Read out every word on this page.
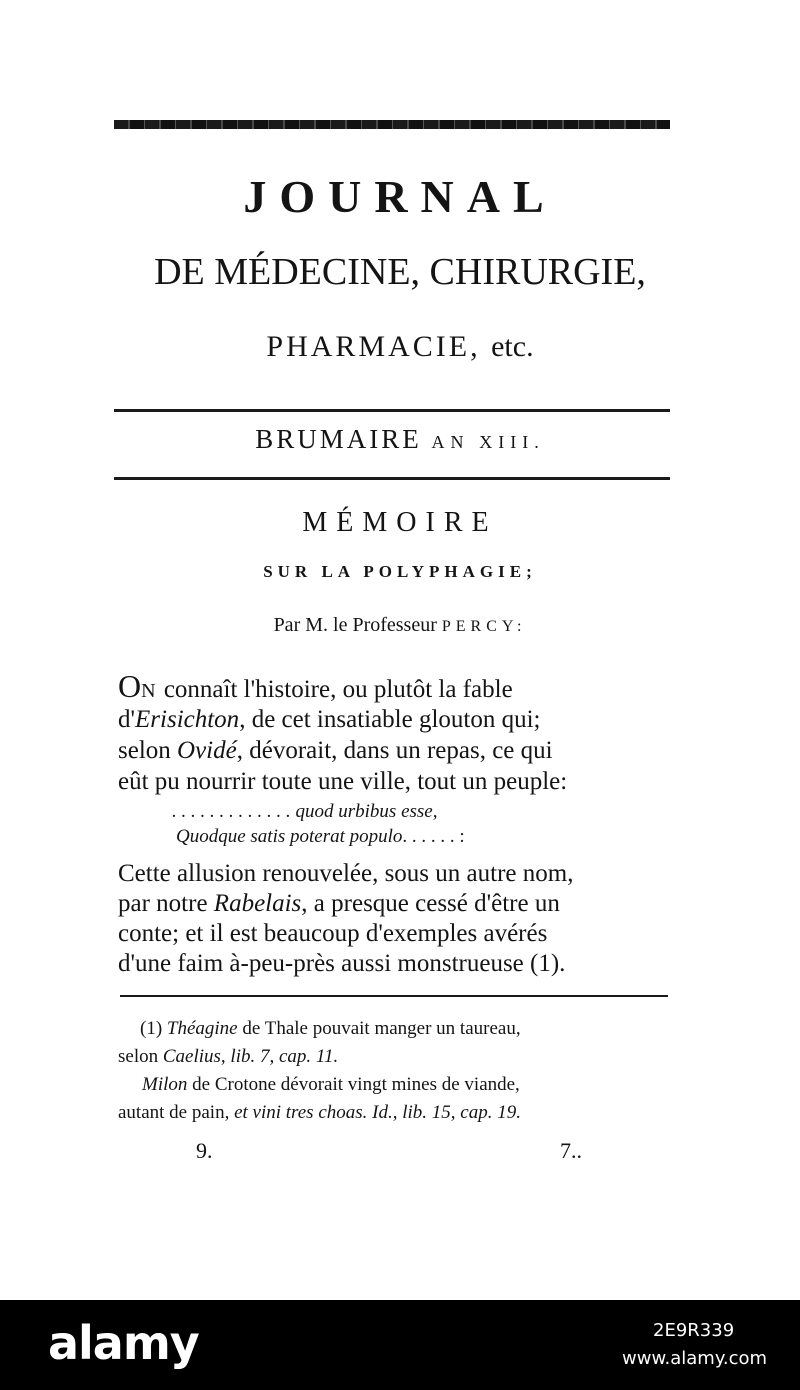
JOURNAL
DE MÉDECINE, CHIRURGIE,
PHARMACIE, etc.
BRUMAIRE AN XIII.
MÉMOIRE
SUR LA POLYPHAGIE;
Par M. le Professeur PERCY:
ON connaît l'histoire, ou plutôt la fable
d'Erisichton, de cet insatiable glouton qui;
selon Ovidé, dévorait, dans un repas, ce qui
eût pu nourrir toute une ville, tout un peuple:
. . . . . . . . . . . . . quod urbibus esse,
Quodque satis poterat populo. . . . . . :
Cette allusion renouvelée, sous un autre nom,
par notre Rabelais, a presque cessé d'être un
conte; et il est beaucoup d'exemples avérés
d'une faim à-peu-près aussi monstrueuse (1).
(1) Théagine de Thale pouvait manger un taureau,
selon Caelius, lib. 7, cap. 11.
Milon de Crotone dévorait vingt mines de viande,
autant de pain, et vini tres choas. Id., lib. 15, cap. 19.
9.	7..
alamy	2E9R339
www.alamy.com
